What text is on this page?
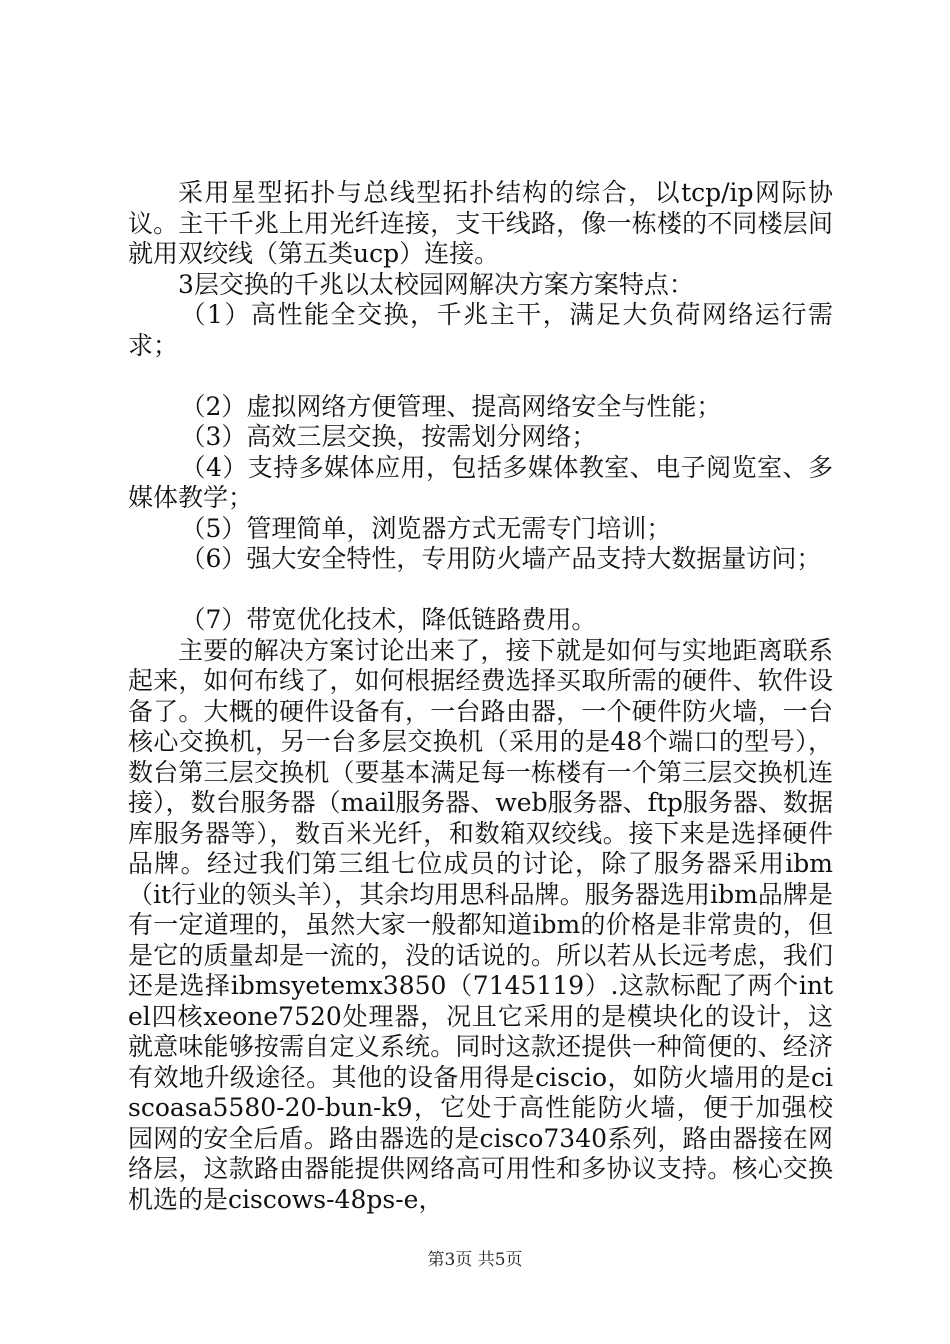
采用星型拓扑与总线型拓扑结构的综合，以tcp/ip网际协议。主干千兆上用光纤连接，支干线路，像一栋楼的不同楼层间就用双绞线（第五类ucp）连接。

3层交换的千兆以太校园网解决方案方案特点：

（1）高性能全交换，千兆主干，满足大负荷网络运行需求；

（2）虚拟网络方便管理、提高网络安全与性能；

（3）高效三层交换，按需划分网络；

（4）支持多媒体应用，包括多媒体教室、电子阅览室、多媒体教学；

（5）管理简单，浏览器方式无需专门培训；

（6）强大安全特性，专用防火墙产品支持大数据量访问；

（7）带宽优化技术，降低链路费用。

主要的解决方案讨论出来了，接下就是如何与实地距离联系起来，如何布线了，如何根据经费选择买取所需的硬件、软件设备了。大概的硬件设备有，一台路由器，一个硬件防火墙，一台核心交换机，另一台多层交换机（采用的是48个端口的型号），数台第三层交换机（要基本满足每一栋楼有一个第三层交换机连接），数台服务器（mail服务器、web服务器、ftp服务器、数据库服务器等），数百米光纤，和数箱双绞线。接下来是选择硬件品牌。经过我们第三组七位成员的讨论，除了服务器采用ibm（it行业的领头羊），其余均用思科品牌。服务器选用ibm品牌是有一定道理的，虽然大家一般都知道ibm的价格是非常贵的，但是它的质量却是一流的，没的话说的。所以若从长远考虑，我们还是选择ibmsyetemx3850（7145119）.这款标配了两个intel四核xeone7520处理器，况且它采用的是模块化的设计，这就意味能够按需自定义系统。同时这款还提供一种简便的、经济有效地升级途径。其他的设备用得是ciscio，如防火墙用的是ciscoasa5580-20-bun-k9，它处于高性能防火墙，便于加强校园网的安全后盾。路由器选的是cisco7340系列，路由器接在网络层，这款路由器能提供网络高可用性和多协议支持。核心交换机选的是ciscows-48ps-e，

第3页 共5页
